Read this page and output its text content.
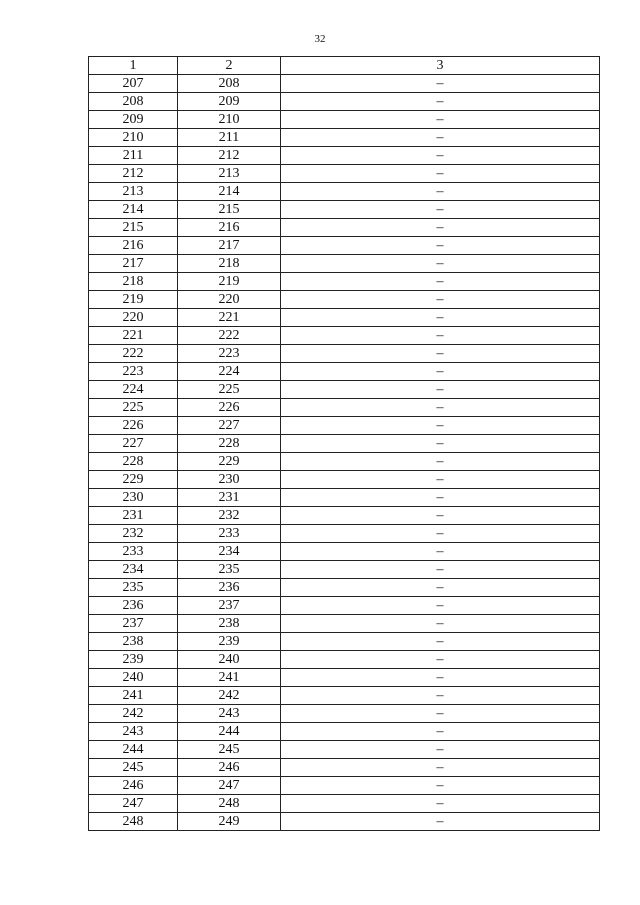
32
1	2	3
207	208	–
208	209	–
209	210	–
210	211	–
211	212	–
212	213	–
213	214	–
214	215	–
215	216	–
216	217	–
217	218	–
218	219	–
219	220	–
220	221	–
221	222	–
222	223	–
223	224	–
224	225	–
225	226	–
226	227	–
227	228	–
228	229	–
229	230	–
230	231	–
231	232	–
232	233	–
233	234	–
234	235	–
235	236	–
236	237	–
237	238	–
238	239	–
239	240	–
240	241	–
241	242	–
242	243	–
243	244	–
244	245	–
245	246	–
246	247	–
247	248	–
248	249	–
